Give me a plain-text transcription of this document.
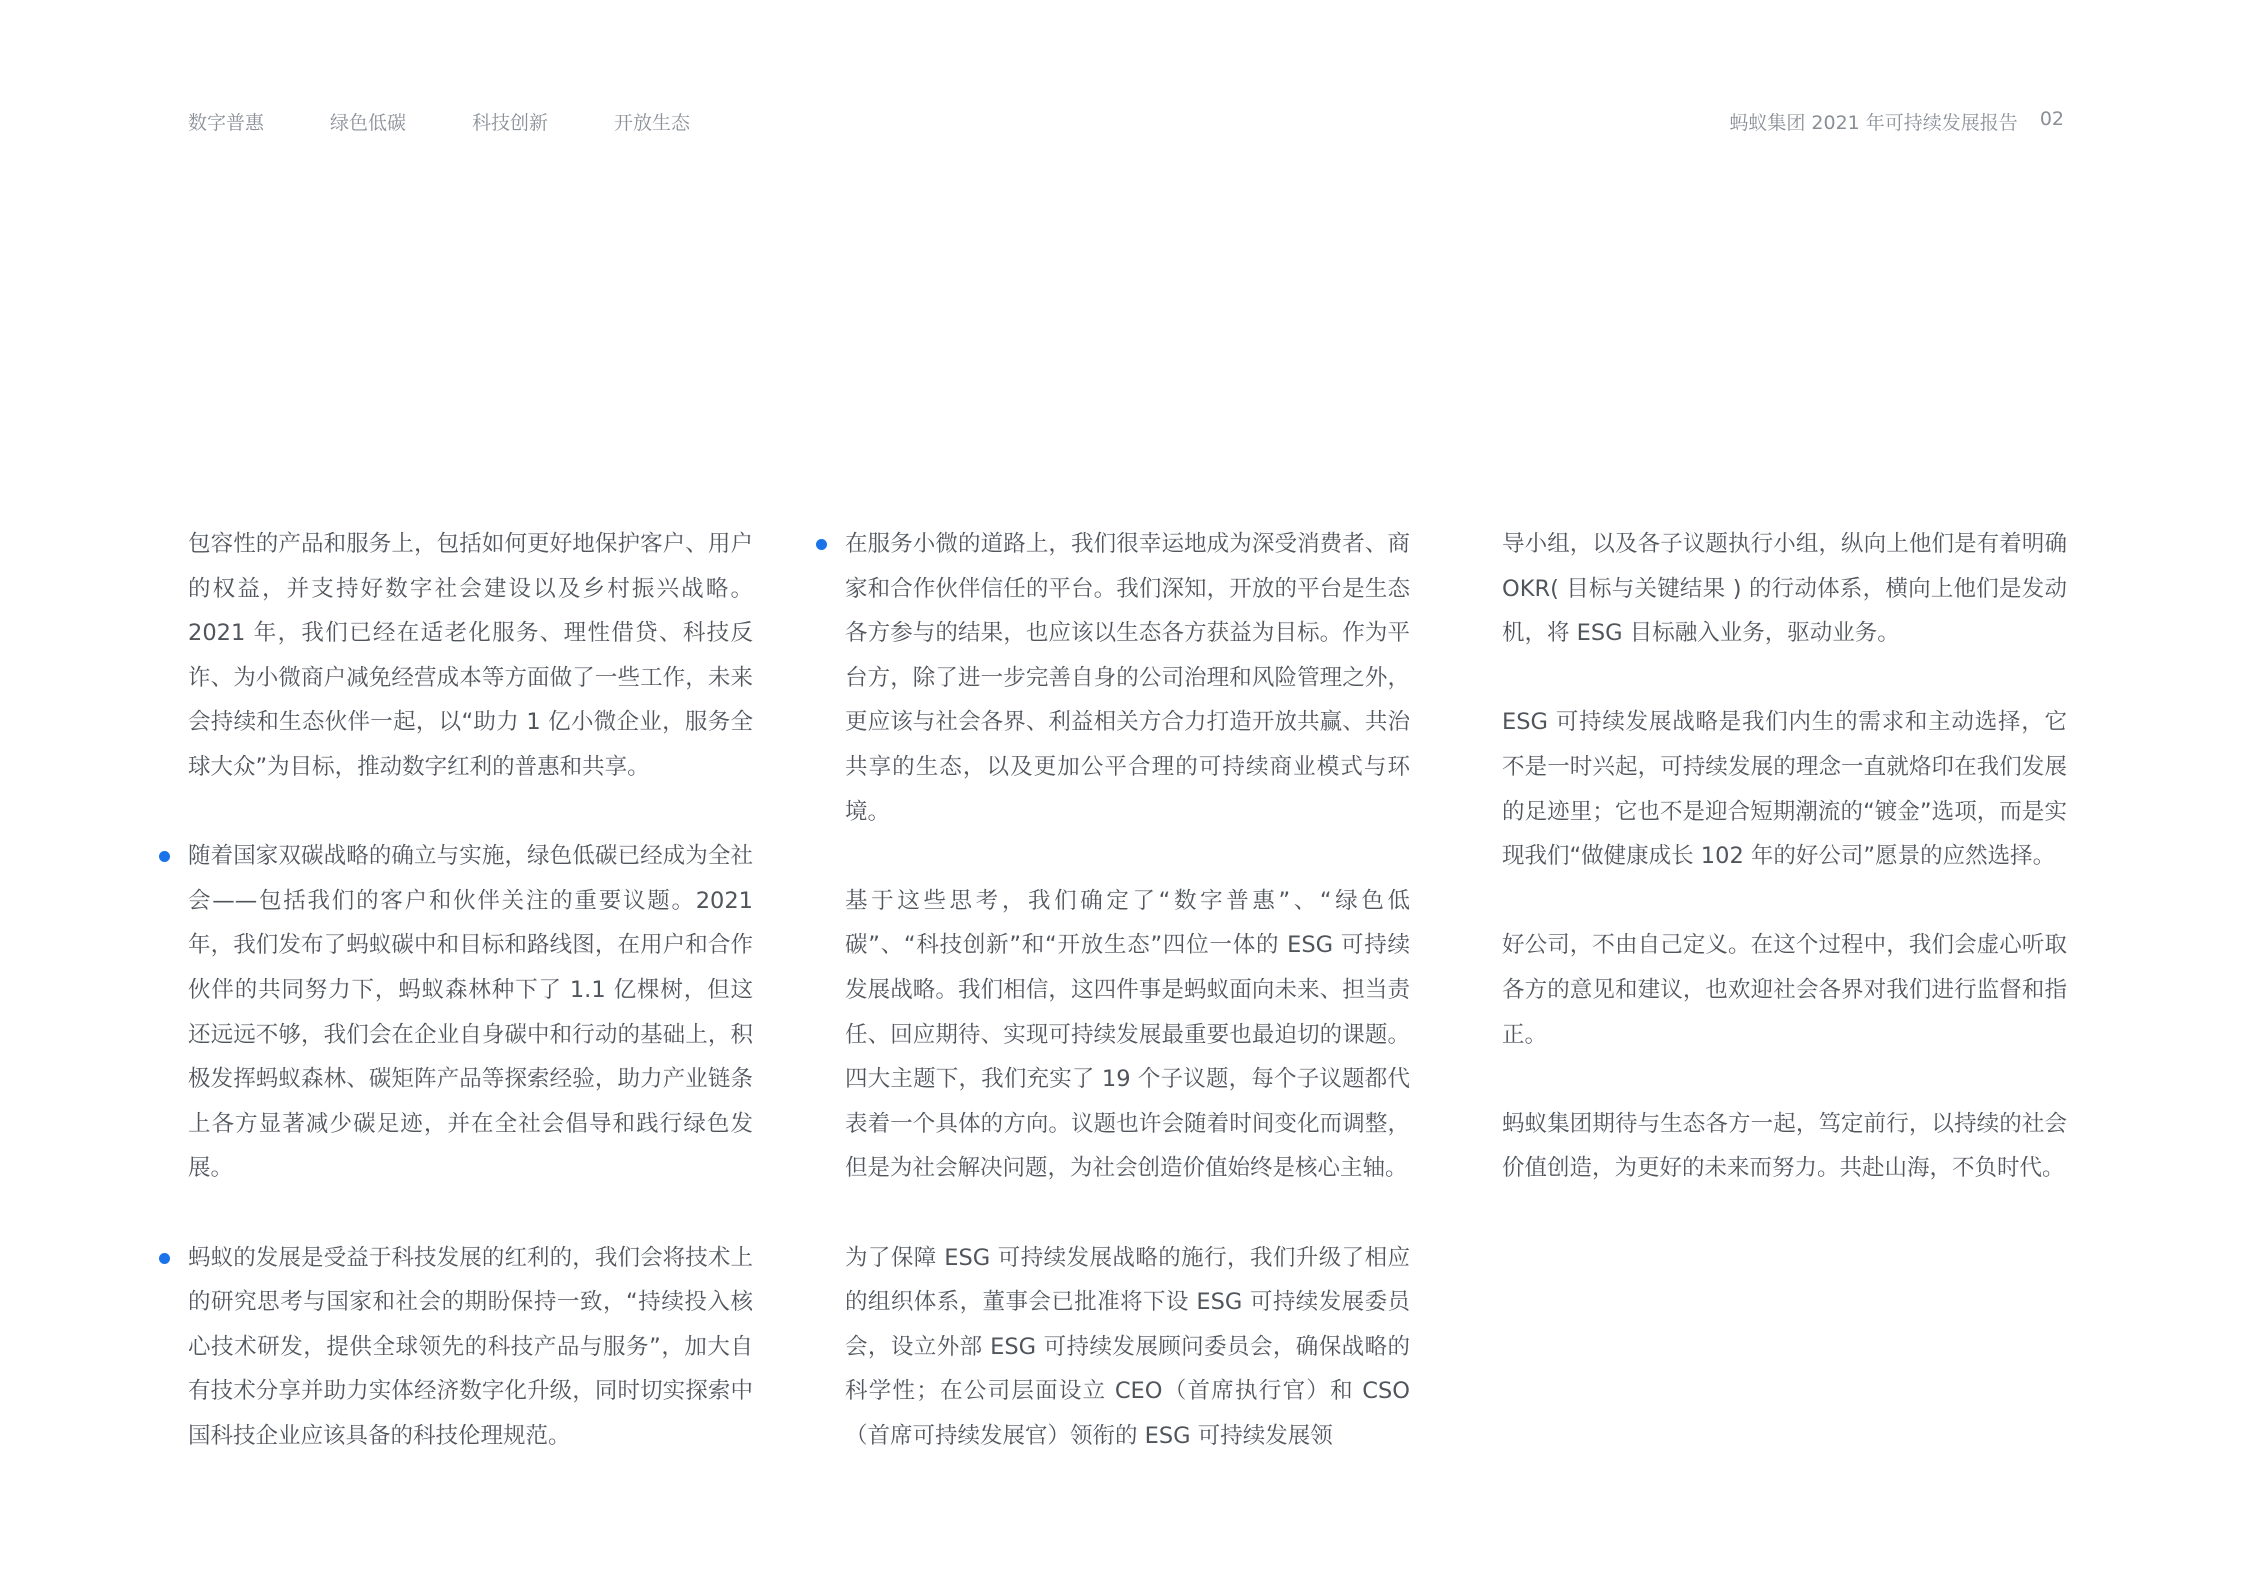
数字普惠	绿色低碳	科技创新	开放生态	蚂蚁集团 2021 年可持续发展报告 02

包容性的产品和服务上，包括如何更好地保护客户、用户的权益，并支持好数字社会建设以及乡村振兴战略。2021 年，我们已经在适老化服务、理性借贷、科技反诈、为小微商户减免经营成本等方面做了一些工作，未来会持续和生态伙伴一起，以“助力 1 亿小微企业，服务全球大众”为目标，推动数字红利的普惠和共享。

随着国家双碳战略的确立与实施，绿色低碳已经成为全社会——包括我们的客户和伙伴关注的重要议题。2021 年，我们发布了蚂蚁碳中和目标和路线图，在用户和合作伙伴的共同努力下，蚂蚁森林种下了 1.1 亿棵树，但这还远远不够，我们会在企业自身碳中和行动的基础上，积极发挥蚂蚁森林、碳矩阵产品等探索经验，助力产业链条上各方显著减少碳足迹，并在全社会倡导和践行绿色发展。

蚂蚁的发展是受益于科技发展的红利的，我们会将技术上的研究思考与国家和社会的期盼保持一致，“持续投入核心技术研发，提供全球领先的科技产品与服务”，加大自有技术分享并助力实体经济数字化升级，同时切实探索中国科技企业应该具备的科技伦理规范。

在服务小微的道路上，我们很幸运地成为深受消费者、商家和合作伙伴信任的平台。我们深知，开放的平台是生态各方参与的结果，也应该以生态各方获益为目标。作为平台方，除了进一步完善自身的公司治理和风险管理之外，更应该与社会各界、利益相关方合力打造开放共赢、共治共享的生态，以及更加公平合理的可持续商业模式与环境。

基于这些思考，我们确定了“数字普惠”、“绿色低碳”、“科技创新”和“开放生态”四位一体的 ESG 可持续发展战略。我们相信，这四件事是蚂蚁面向未来、担当责任、回应期待、实现可持续发展最重要也最迫切的课题。四大主题下，我们充实了 19 个子议题，每个子议题都代表着一个具体的方向。议题也许会随着时间变化而调整，但是为社会解决问题，为社会创造价值始终是核心主轴。

为了保障 ESG 可持续发展战略的施行，我们升级了相应的组织体系，董事会已批准将下设 ESG 可持续发展委员会，设立外部 ESG 可持续发展顾问委员会，确保战略的科学性；在公司层面设立 CEO（首席执行官）和 CSO（首席可持续发展官）领衔的 ESG 可持续发展领

导小组，以及各子议题执行小组，纵向上他们是有着明确 OKR( 目标与关键结果 ) 的行动体系，横向上他们是发动机，将 ESG 目标融入业务，驱动业务。

ESG 可持续发展战略是我们内生的需求和主动选择，它不是一时兴起，可持续发展的理念一直就烙印在我们发展的足迹里；它也不是迎合短期潮流的“镀金”选项，而是实现我们“做健康成长 102 年的好公司”愿景的应然选择。

好公司，不由自己定义。在这个过程中，我们会虚心听取各方的意见和建议，也欢迎社会各界对我们进行监督和指正。

蚂蚁集团期待与生态各方一起，笃定前行，以持续的社会价值创造，为更好的未来而努力。共赴山海，不负时代。
